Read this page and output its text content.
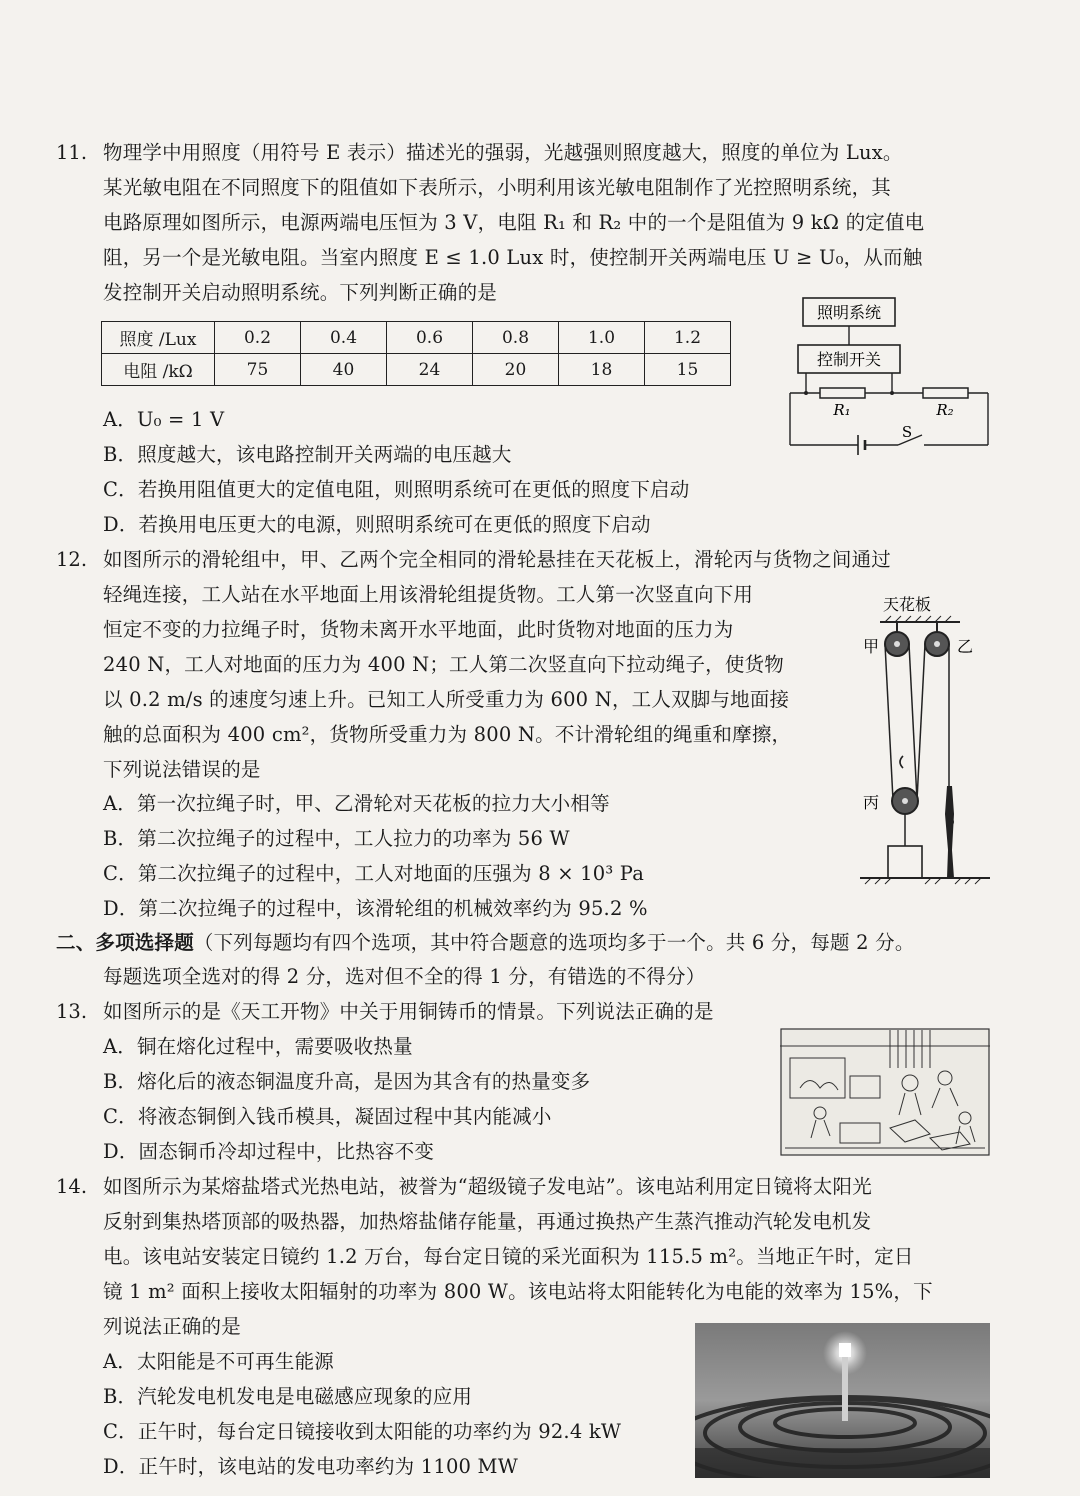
11. 物理学中用照度（用符号 E 表示）描述光的强弱，光越强则照度越大，照度的单位为 Lux。
某光敏电阻在不同照度下的阻值如下表所示，小明利用该光敏电阻制作了光控照明系统，其
电路原理如图所示，电源两端电压恒为 3 V，电阻 R₁ 和 R₂ 中的一个是阻值为 9 kΩ 的定值电
阻，另一个是光敏电阻。当室内照度 E ≤ 1.0 Lux 时，使控制开关两端电压 U ≥ U₀，从而触
发控制开关启动照明系统。下列判断正确的是
照度 /Lux	0.2	0.4	0.6	0.8	1.0	1.2
电阻 /kΩ	75	40	24	20	18	15
照明系统
控制开关
R₁	R₂
S
A．U₀ = 1 V
B．照度越大，该电路控制开关两端的电压越大
C．若换用阻值更大的定值电阻，则照明系统可在更低的照度下启动
D．若换用电压更大的电源，则照明系统可在更低的照度下启动
12. 如图所示的滑轮组中，甲、乙两个完全相同的滑轮悬挂在天花板上，滑轮丙与货物之间通过
轻绳连接，工人站在水平地面上用该滑轮组提货物。工人第一次竖直向下用
恒定不变的力拉绳子时，货物未离开水平地面，此时货物对地面的压力为
240 N，工人对地面的压力为 400 N；工人第二次竖直向下拉动绳子，使货物
以 0.2 m/s 的速度匀速上升。已知工人所受重力为 600 N，工人双脚与地面接
触的总面积为 400 cm²，货物所受重力为 800 N。不计滑轮组的绳重和摩擦，
下列说法错误的是
天花板
甲	乙
丙
A．第一次拉绳子时，甲、乙滑轮对天花板的拉力大小相等
B．第二次拉绳子的过程中，工人拉力的功率为 56 W
C．第二次拉绳子的过程中，工人对地面的压强为 8 × 10³ Pa
D．第二次拉绳子的过程中，该滑轮组的机械效率约为 95.2 %
二、多项选择题（下列每题均有四个选项，其中符合题意的选项均多于一个。共 6 分，每题 2 分。
每题选项全选对的得 2 分，选对但不全的得 1 分，有错选的不得分）
13. 如图所示的是《天工开物》中关于用铜铸币的情景。下列说法正确的是
A．铜在熔化过程中，需要吸收热量
B．熔化后的液态铜温度升高，是因为其含有的热量变多
C．将液态铜倒入钱币模具，凝固过程中其内能减小
D．固态铜币冷却过程中，比热容不变
14. 如图所示为某熔盐塔式光热电站，被誉为“超级镜子发电站”。该电站利用定日镜将太阳光
反射到集热塔顶部的吸热器，加热熔盐储存能量，再通过换热产生蒸汽推动汽轮发电机发
电。该电站安装定日镜约 1.2 万台，每台定日镜的采光面积为 115.5 m²。当地正午时，定日
镜 1 m² 面积上接收太阳辐射的功率为 800 W。该电站将太阳能转化为电能的效率为 15%，下
列说法正确的是
A．太阳能是不可再生能源
B．汽轮发电机发电是电磁感应现象的应用
C．正午时，每台定日镜接收到太阳能的功率约为 92.4 kW
D．正午时，该电站的发电功率约为 1100 MW
